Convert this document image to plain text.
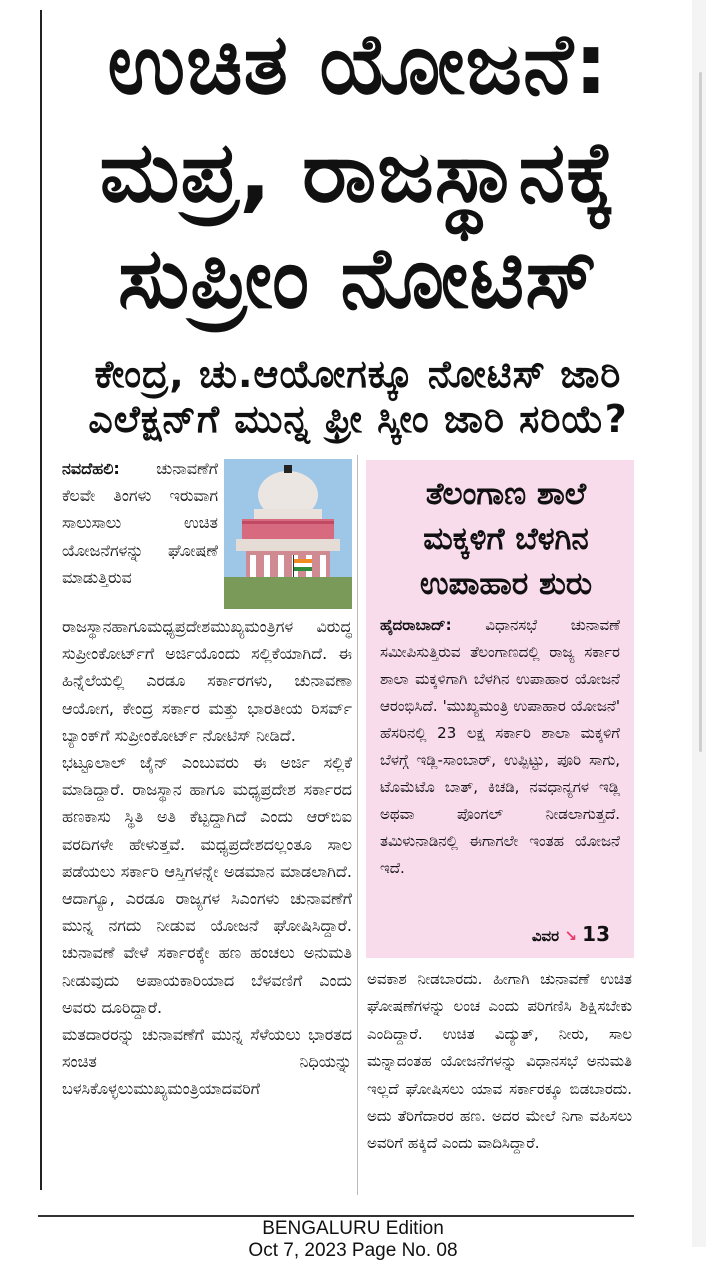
ಉಚಿತ ಯೋಜನೆ:
ಮಪ್ರ, ರಾಜಸ್ಥಾನಕ್ಕೆ
ಸುಪ್ರೀಂ ನೋಟಿಸ್
ಕೇಂದ್ರ, ಚು.ಆಯೋಗಕ್ಕೂ ನೋಟಿಸ್ ಜಾರಿ
ಎಲೆಕ್ಷನ್‌ಗೆ ಮುನ್ನ ಫ್ರೀ ಸ್ಕೀಂ ಜಾರಿ ಸರಿಯೆ?

ನವದೆಹಲಿ: ಚುನಾವಣೆಗೆ ಕೆಲವೇ ತಿಂಗಳು ಇರುವಾಗ ಸಾಲುಸಾಲು ಉಚಿತ ಯೋಜನೆಗಳನ್ನು ಘೋಷಣೆ ಮಾಡುತ್ತಿರುವ ರಾಜಸ್ಥಾನಹಾಗೂಮಧ್ಯಪ್ರದೇಶಮುಖ್ಯಮಂತ್ರಿಗಳ ವಿರುದ್ಧ ಸುಪ್ರೀಂಕೋರ್ಟ್‌ಗೆ ಅರ್ಜಿಯೊಂದು ಸಲ್ಲಿಕೆಯಾಗಿದೆ. ಈ ಹಿನ್ನೆಲೆಯಲ್ಲಿ ಎರಡೂ ಸರ್ಕಾರಗಳು, ಚುನಾವಣಾ ಆಯೋಗ, ಕೇಂದ್ರ ಸರ್ಕಾರ ಮತ್ತು ಭಾರತೀಯ ರಿಸರ್ವ್ ಬ್ಯಾಂಕ್‌ಗೆ ಸುಪ್ರೀಂಕೋರ್ಟ್ ನೋಟಿಸ್ ನೀಡಿದೆ.

ಭಟ್ಟೂಲಾಲ್ ಜೈನ್ ಎಂಬುವರು ಈ ಅರ್ಜಿ ಸಲ್ಲಿಕೆ ಮಾಡಿದ್ದಾರೆ. ರಾಜಸ್ಥಾನ ಹಾಗೂ ಮಧ್ಯಪ್ರದೇಶ ಸರ್ಕಾರದ ಹಣಕಾಸು ಸ್ಥಿತಿ ಅತಿ ಕೆಟ್ಟದ್ದಾಗಿದೆ ಎಂದು ಆರ್‌ಬಿಐ ವರದಿಗಳೇ ಹೇಳುತ್ತವೆ. ಮಧ್ಯಪ್ರದೇಶದಲ್ಲಂತೂ ಸಾಲ ಪಡೆಯಲು ಸರ್ಕಾರಿ ಆಸ್ತಿಗಳನ್ನೇ ಅಡಮಾನ ಮಾಡಲಾಗಿದೆ. ಆದಾಗ್ಯೂ, ಎರಡೂ ರಾಜ್ಯಗಳ ಸಿಎಂಗಳು ಚುನಾವಣೆಗೆ ಮುನ್ನ ನಗದು ನೀಡುವ ಯೋಜನೆ ಘೋಷಿಸಿದ್ದಾರೆ. ಚುನಾವಣೆ ವೇಳೆ ಸರ್ಕಾರಕ್ಕೇ ಹಣ ಹಂಚಲು ಅನುಮತಿ ನೀಡುವುದು ಅಪಾಯಕಾರಿಯಾದ ಬೆಳವಣಿಗೆ ಎಂದು ಅವರು ದೂರಿದ್ದಾರೆ.

ಮತದಾರರನ್ನು ಚುನಾವಣೆಗೆ ಮುನ್ನ ಸೆಳೆಯಲು ಭಾರತದ ಸಂಚಿತ ನಿಧಿಯನ್ನು ಬಳಸಿಕೊಳ್ಳಲುಮುಖ್ಯಮಂತ್ರಿಯಾದವರಿಗೆ

ತೆಲಂಗಾಣ ಶಾಲೆ ಮಕ್ಕಳಿಗೆ ಬೆಳಗಿನ ಉಪಾಹಾರ ಶುರು

ಹೈದರಾಬಾದ್: ವಿಧಾನಸಭೆ ಚುನಾವಣೆ ಸಮೀಪಿಸುತ್ತಿರುವ ತೆಲಂಗಾಣದಲ್ಲಿ ರಾಜ್ಯ ಸರ್ಕಾರ ಶಾಲಾ ಮಕ್ಕಳಿಗಾಗಿ ಬೆಳಗಿನ ಉಪಾಹಾರ ಯೋಜನೆ ಆರಂಭಿಸಿದೆ. 'ಮುಖ್ಯಮಂತ್ರಿ ಉಪಾಹಾರ ಯೋಜನೆ' ಹೆಸರಿನಲ್ಲಿ 23 ಲಕ್ಷ ಸರ್ಕಾರಿ ಶಾಲಾ ಮಕ್ಕಳಿಗೆ ಬೆಳಗ್ಗೆ ಇಡ್ಲಿ-ಸಾಂಬಾರ್, ಉಪ್ಪಿಟ್ಟು, ಪೂರಿ ಸಾಗು, ಟೊಮೆಟೊ ಬಾತ್, ಕಿಚಡಿ, ನವಧಾನ್ಯಗಳ ಇಡ್ಲಿ ಅಥವಾ ಪೊಂಗಲ್ ನೀಡಲಾಗುತ್ತದೆ. ತಮಿಳುನಾಡಿನಲ್ಲಿ ಈಗಾಗಲೇ ಇಂತಹ ಯೋಜನೆ ಇದೆ.

ವಿವರ ↘ 13

ಅವಕಾಶ ನೀಡಬಾರದು. ಹೀಗಾಗಿ ಚುನಾವಣೆ ಉಚಿತ ಘೋಷಣೆಗಳನ್ನು ಲಂಚ ಎಂದು ಪರಿಗಣಿಸಿ ಶಿಕ್ಷಿಸಬೇಕು ಎಂದಿದ್ದಾರೆ. ಉಚಿತ ವಿದ್ಯುತ್, ನೀರು, ಸಾಲ ಮನ್ನಾದಂತಹ ಯೋಜನೆಗಳನ್ನು ವಿಧಾನಸಭೆ ಅನುಮತಿ ಇಲ್ಲದೆ ಘೋಷಿಸಲು ಯಾವ ಸರ್ಕಾರಕ್ಕೂ ಬಿಡಬಾರದು. ಅದು ತೆರಿಗೆದಾರರ ಹಣ. ಅದರ ಮೇಲೆ ನಿಗಾ ವಹಿಸಲು ಅವರಿಗೆ ಹಕ್ಕಿದೆ ಎಂದು ವಾದಿಸಿದ್ದಾರೆ.

BENGALURU Edition
Oct 7, 2023 Page No. 08
